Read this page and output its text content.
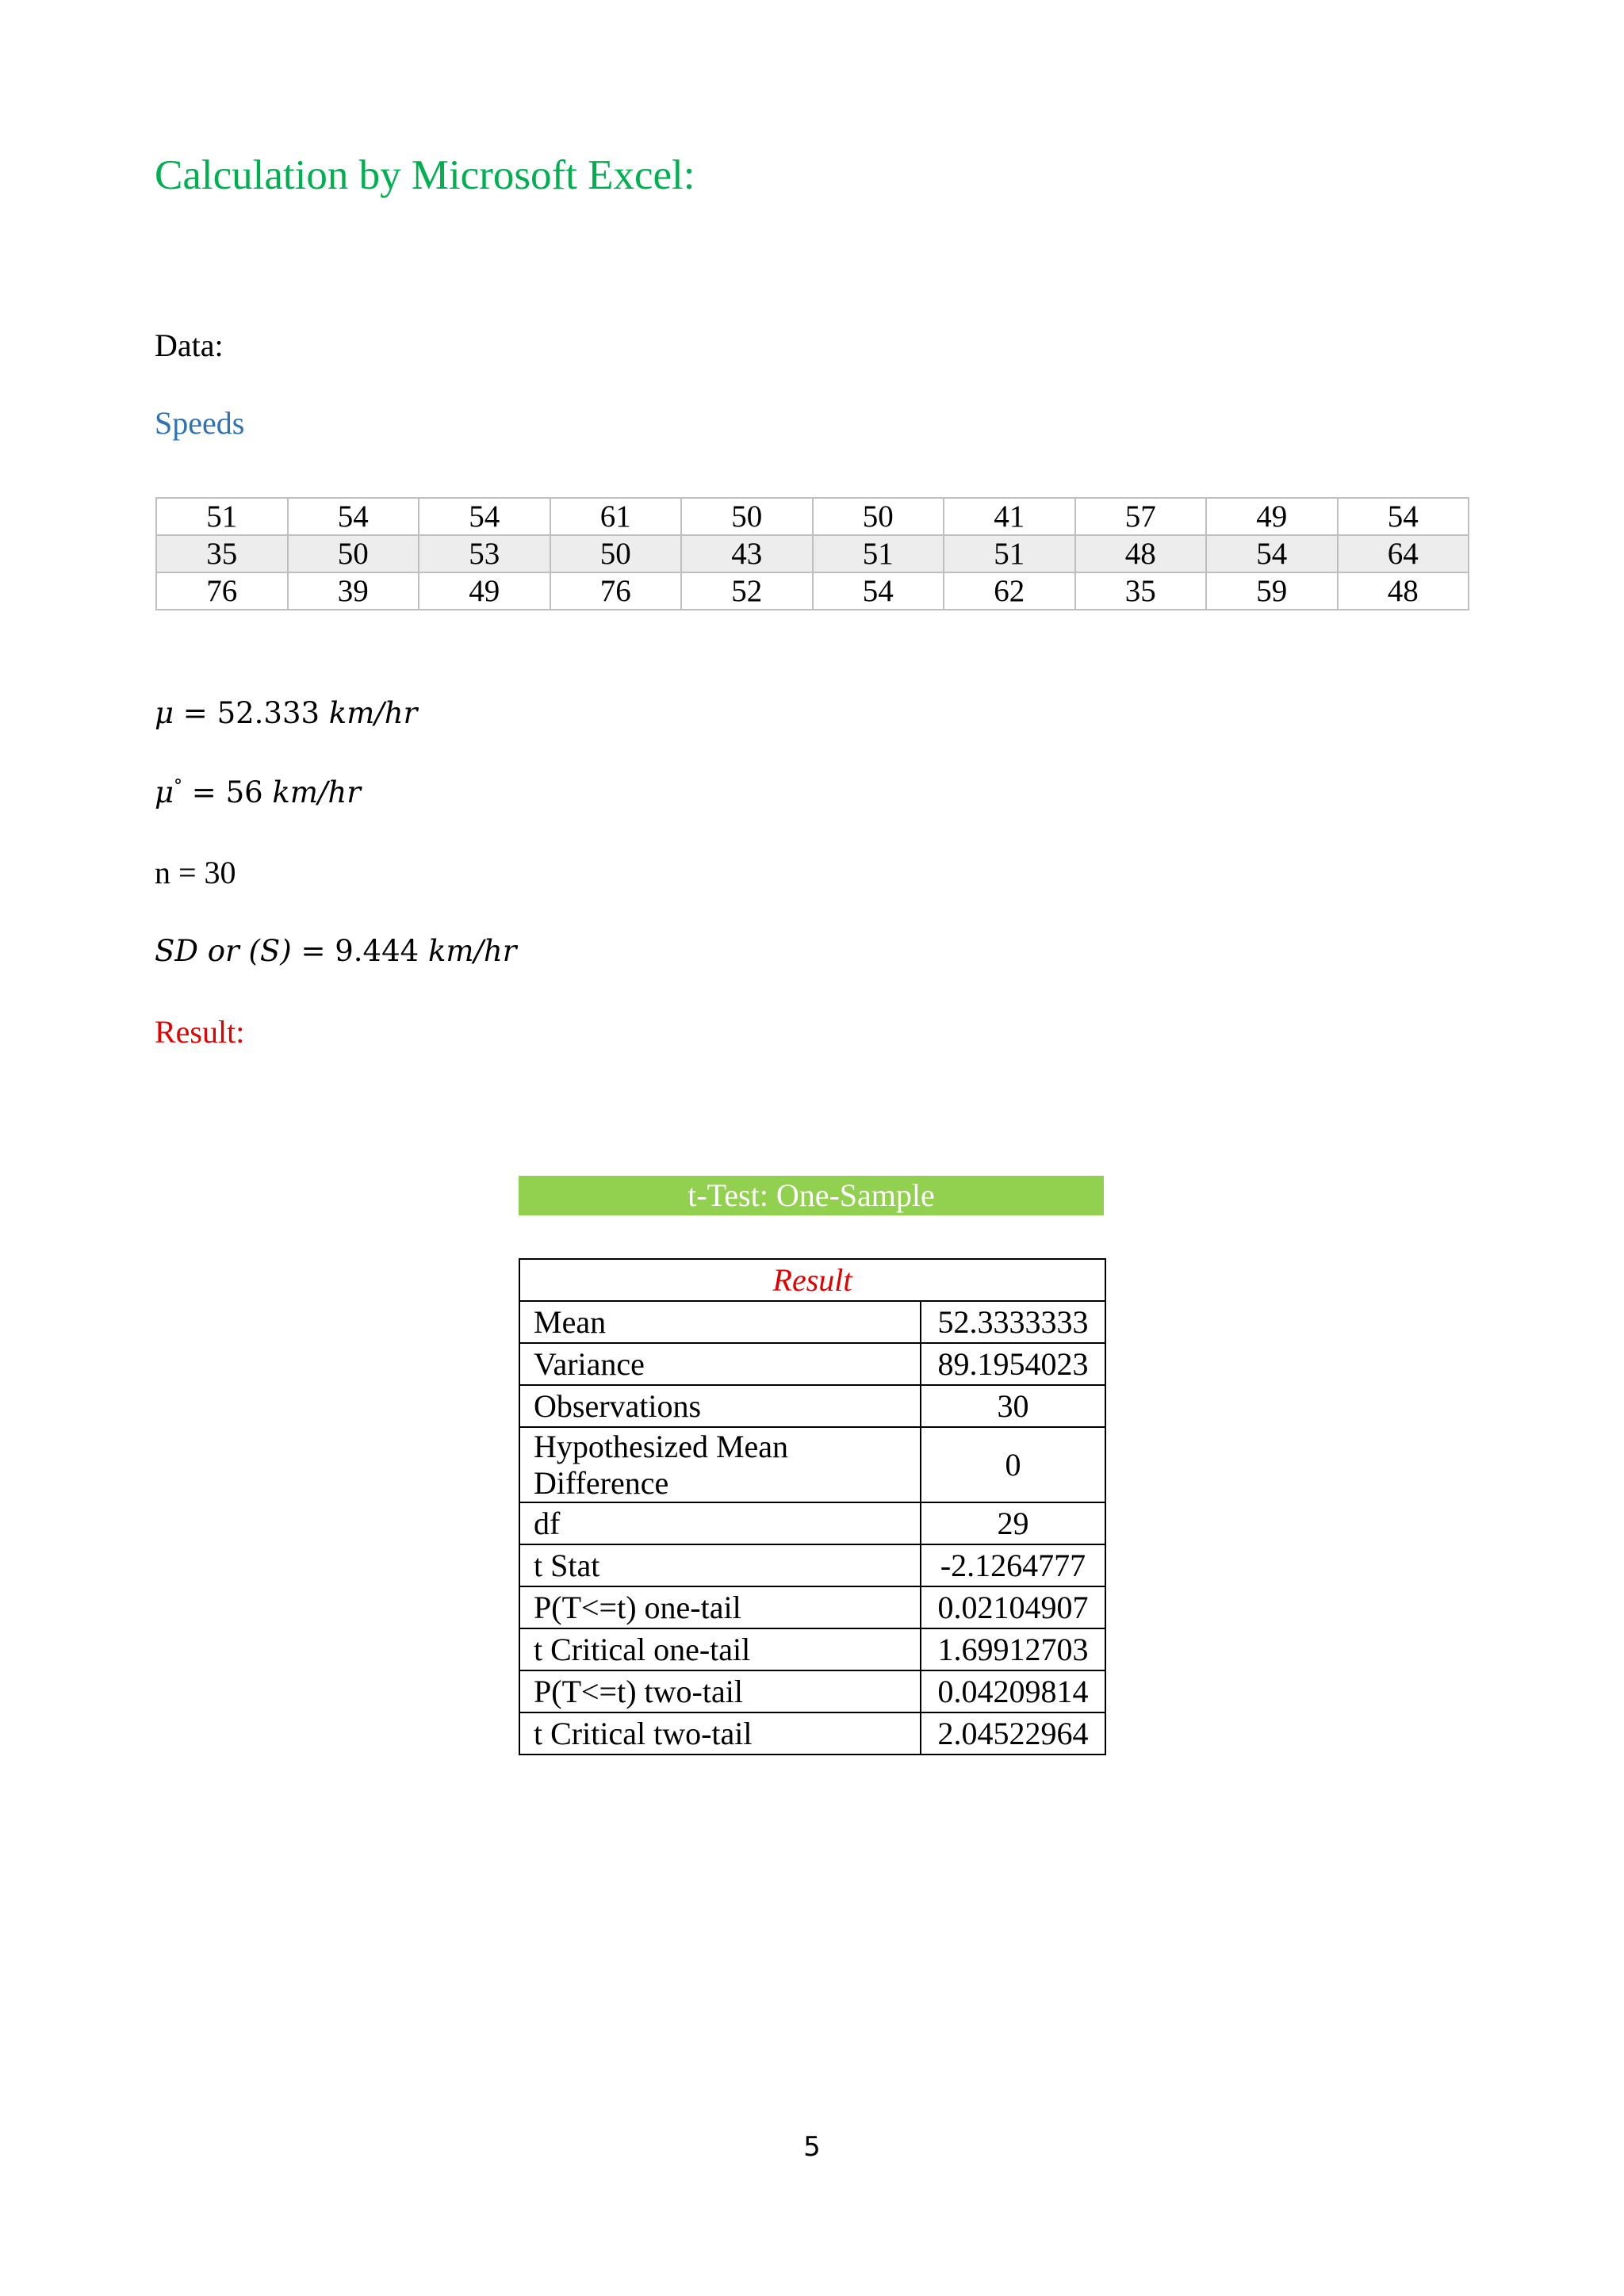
Calculation by Microsoft Excel:
Data:
Speeds
51	54	54	61	50	50	41	57	49	54
35	50	53	50	43	51	51	48	54	64
76	39	49	76	52	54	62	35	59	48
μ = 52.333 km/hr
μ° = 56 km/hr
n = 30
SD or (S) = 9.444 km/hr
Result:
t-Test: One-Sample
Result	
Mean	52.3333333
Variance	89.1954023
Observations	30
Hypothesized Mean
Difference	0
df	29
t Stat	-2.1264777
P(T<=t) one-tail	0.02104907
t Critical one-tail	1.69912703
P(T<=t) two-tail	0.04209814
t Critical two-tail	2.04522964
5
